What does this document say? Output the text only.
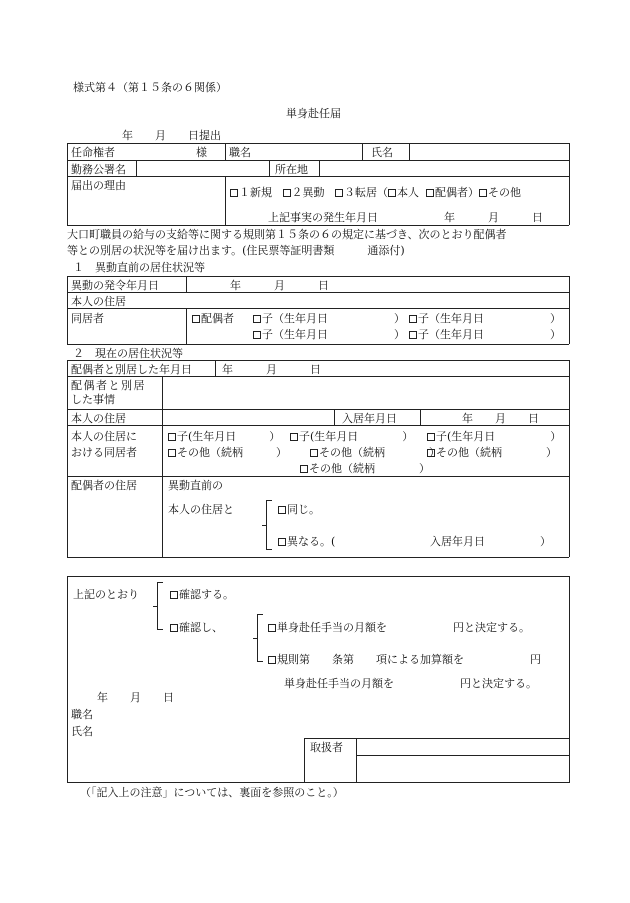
様式第４（第１５条の６関係）
単身赴任届
年　　月　　日提出
任命権者	様 職名	氏名
勤務公署名	所在地
届出の理由
１新規 ２異動 ３転居（ 本人 配偶者） その他
上記事実の発生年月日　　　　　　年　　　月　　　日
大口町職員の給与の支給等に関する規則第１５条の６の規定に基づき、次のとおり配偶者
等との別居の状況等を届け出ます。(住民票等証明書類　　　通添付)
１　異動直前の居住状況等
異動の発令年月日	年　　　月　　　日
本人の住居
同居者	配偶者	子（生年月日　　　　　　）	子（生年月日　　　　　　）
子（生年月日　　　　　　）	子（生年月日　　　　　　）
２　現在の居住状況等
配偶者と別居した年月日	年　　　月　　　日
配偶者と別居
した事情
本人の住居	入居年月日	年　　月　　日
本人の住居に
おける同居者
子(生年月日　　　）	子(生年月日　　　　）	子(生年月日　　　　　）
その他（続柄　　　）	その他（続柄　　　　）
その他（続柄　　　　）
その他（続柄　　　　）
配偶者の住居	異動直前の
本人の住居と	同じ。
異なる。(	入居年月日　　　　　）
上記のとおり	確認する。
確認し、	単身赴任手当の月額を　　　　　　円と決定する。
規則第　　条第　　項による加算額を　　　　　　円
単身赴任手当の月額を　　　　　　円と決定する。
年　　月　　日
職名
氏名
取扱者
（「記入上の注意」については、裏面を参照のこと。）
